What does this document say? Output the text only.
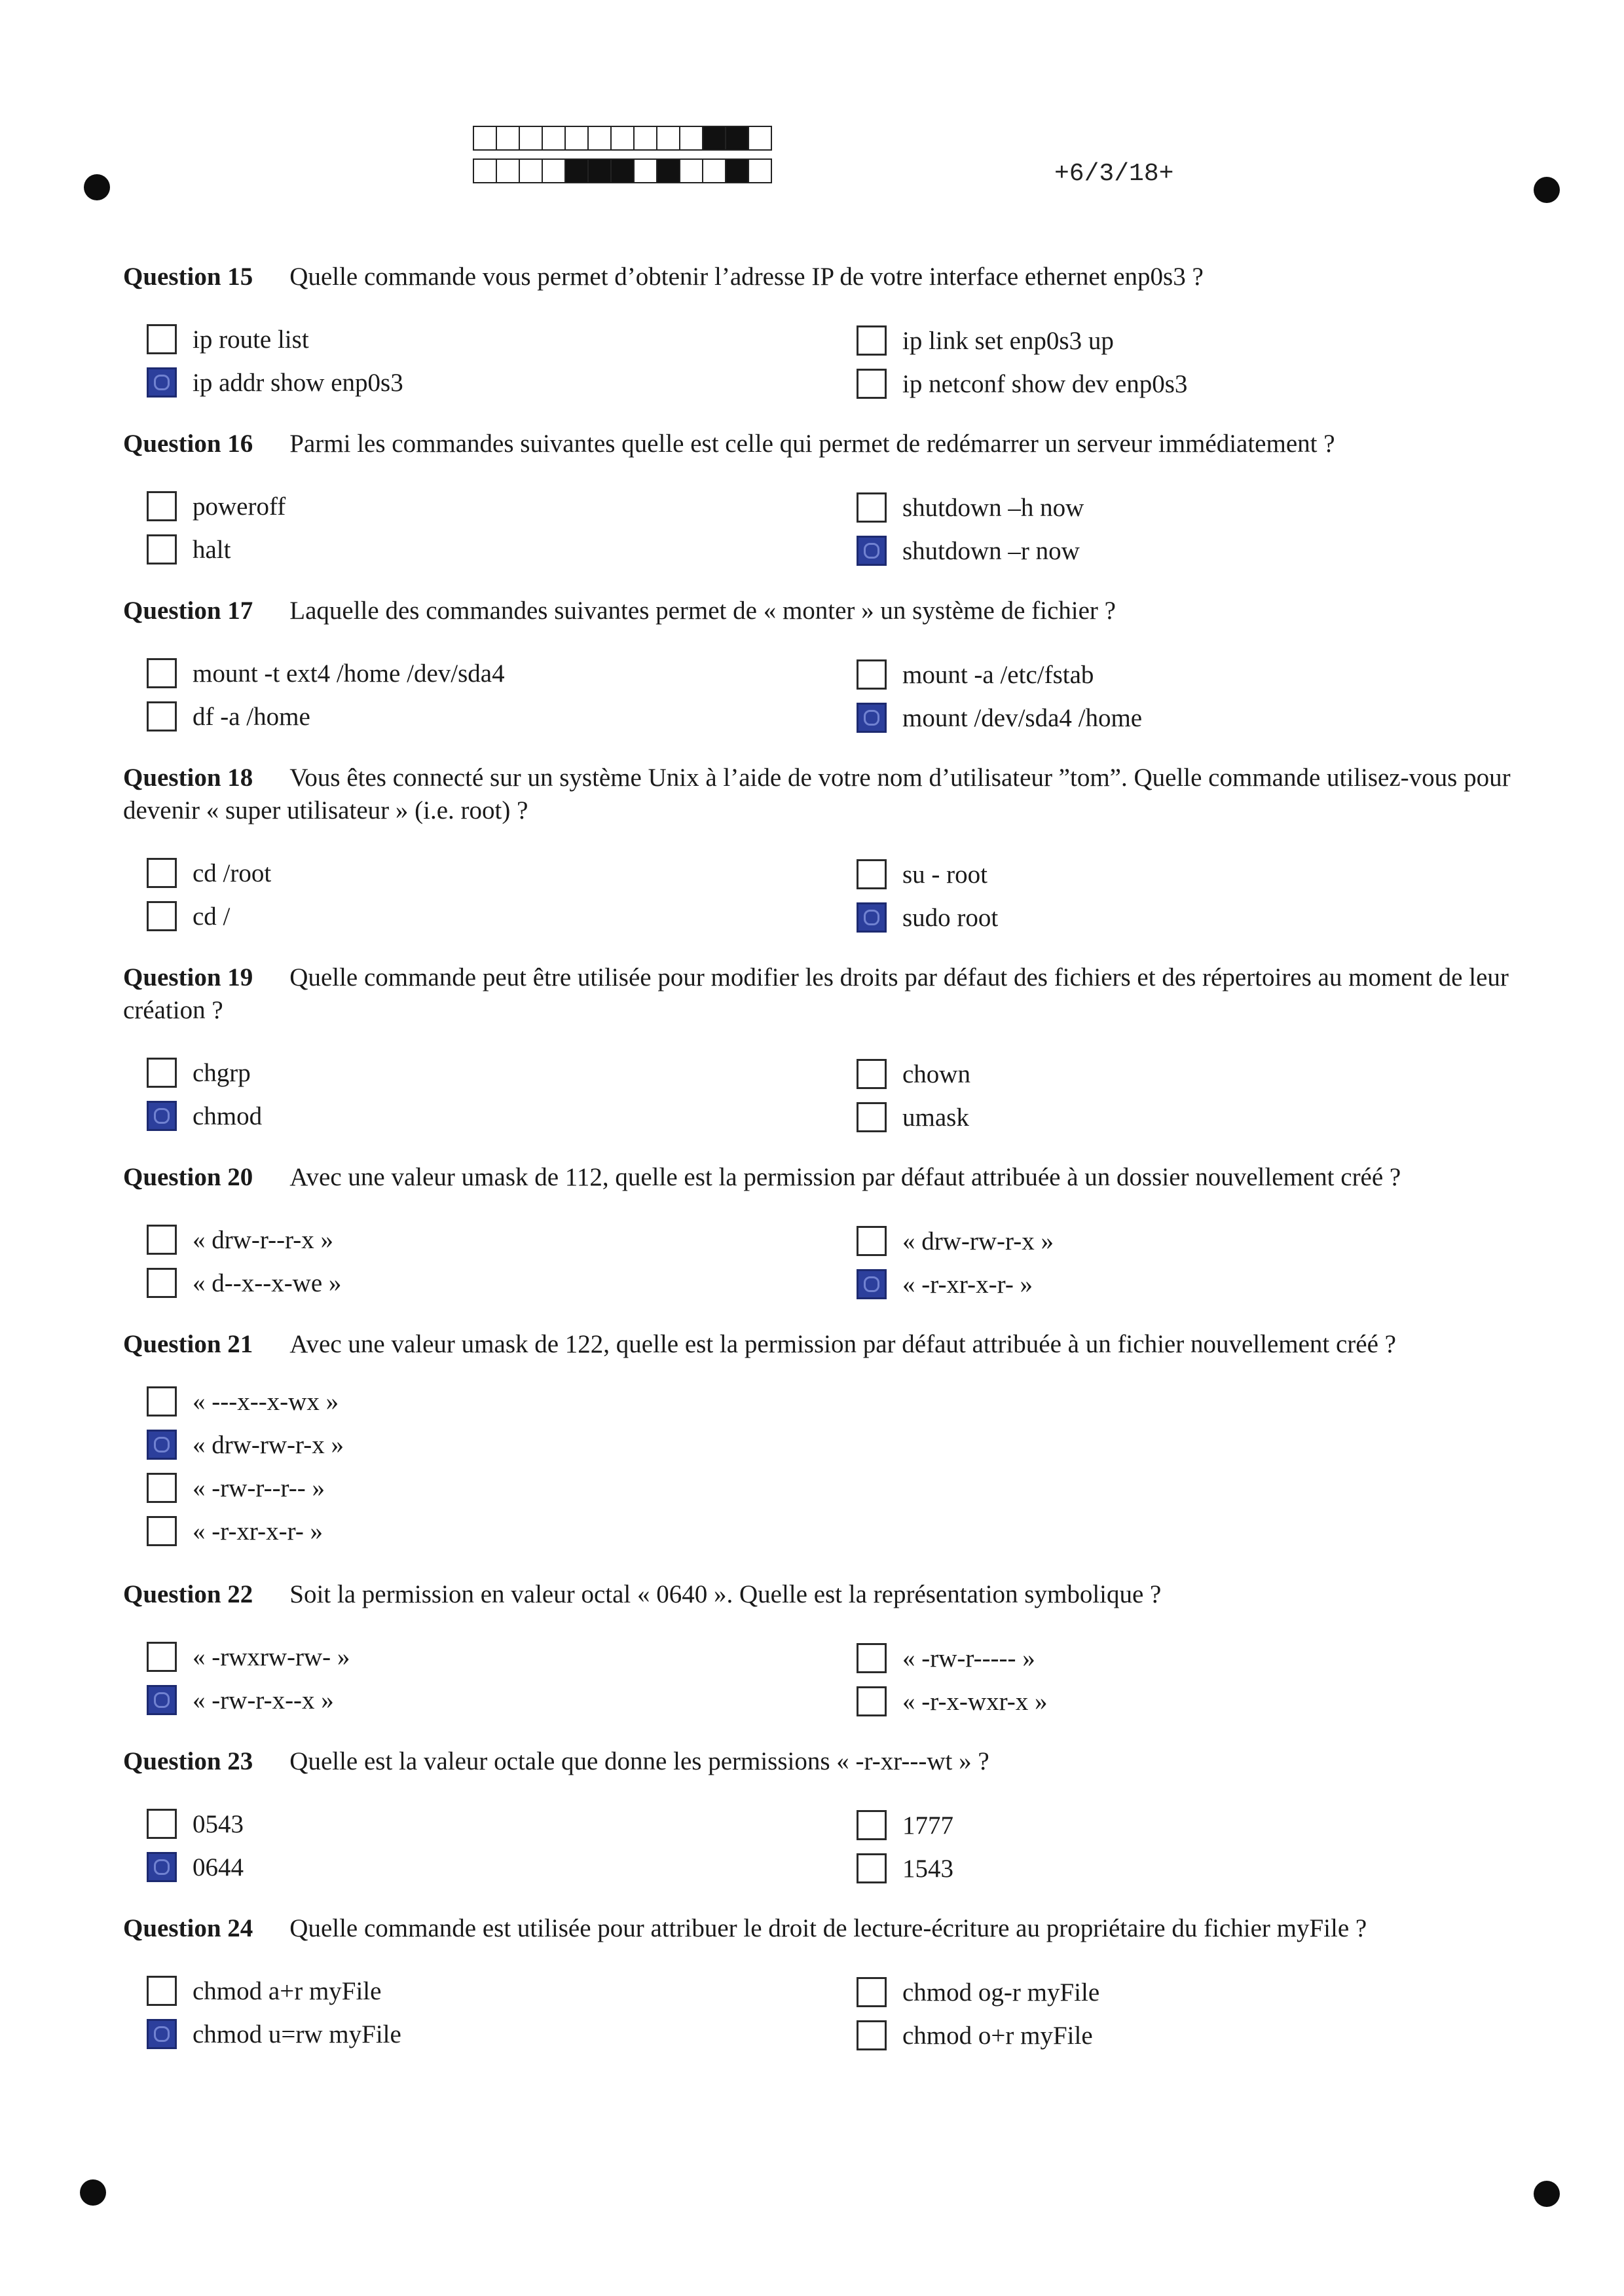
+6/3/18+

Question 15 Quelle commande vous permet d’obtenir l’adresse IP de votre interface ethernet enp0s3 ?

ip route list
ip addr show enp0s3
ip link set enp0s3 up
ip netconf show dev enp0s3

Question 16 Parmi les commandes suivantes quelle est celle qui permet de redémarrer un serveur immédiatement ?

poweroff
halt
shutdown –h now
shutdown –r now

Question 17 Laquelle des commandes suivantes permet de « monter » un système de fichier ?

mount -t ext4 /home /dev/sda4
df -a /home
mount -a /etc/fstab
mount /dev/sda4 /home

Question 18 Vous êtes connecté sur un système Unix à l’aide de votre nom d’utilisateur ”tom”. Quelle commande utilisez-vous pour devenir « super utilisateur » (i.e. root) ?

cd /root
cd /
su - root
sudo root

Question 19 Quelle commande peut être utilisée pour modifier les droits par défaut des fichiers et des répertoires au moment de leur création ?

chgrp
chmod
chown
umask

Question 20 Avec une valeur umask de 112, quelle est la permission par défaut attribuée à un dossier nouvellement créé ?

« drw-r--r-x »
« d--x--x-we »
« drw-rw-r-x »
« -r-xr-x-r- »

Question 21 Avec une valeur umask de 122, quelle est la permission par défaut attribuée à un fichier nouvellement créé ?

« ---x--x-wx »
« drw-rw-r-x »
« -rw-r--r-- »
« -r-xr-x-r- »

Question 22 Soit la permission en valeur octal « 0640 ». Quelle est la représentation symbolique ?

« -rwxrw-rw- »
« -rw-r-x--x »
« -rw-r----- »
« -r-x-wxr-x »

Question 23 Quelle est la valeur octale que donne les permissions « -r-xr---wt » ?

0543
0644
1777
1543

Question 24 Quelle commande est utilisée pour attribuer le droit de lecture-écriture au propriétaire du fichier myFile ?

chmod a+r myFile
chmod u=rw myFile
chmod og-r myFile
chmod o+r myFile
